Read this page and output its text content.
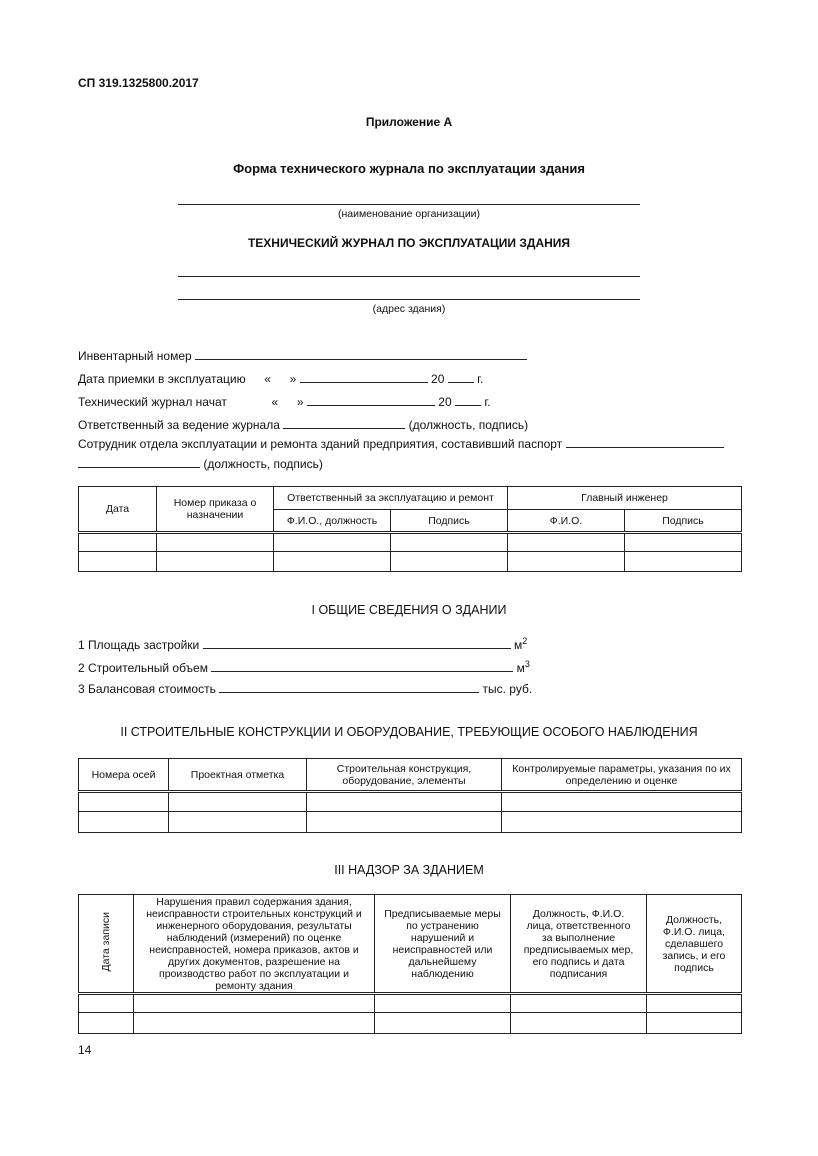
СП 319.1325800.2017
Приложение А
Форма технического журнала по эксплуатации здания
(наименование организации)
ТЕХНИЧЕСКИЙ ЖУРНАЛ ПО ЭКСПЛУАТАЦИИ ЗДАНИЯ
(адрес здания)
Инвентарный номер
Дата приемки в эксплуатацию « »	20	г.
Технический журнал начат	« »	20	г.
Ответственный за ведение журнала	(должность, подпись)
Сотрудник отдела эксплуатации и ремонта зданий предприятия, составивший паспорт
(должность, подпись)
Дата	Номер приказа о назначении	Ответственный за эксплуатацию и ремонт		Главный инженер	
		Ф.И.О., должность	Подпись	Ф.И.О.	Подпись

I ОБЩИЕ СВЕДЕНИЯ О ЗДАНИИ
1 Площадь застройки	$м^2$
2 Строительный объем	$м^3$
3 Балансовая стоимость	тыс. руб.
II СТРОИТЕЛЬНЫЕ КОНСТРУКЦИИ И ОБОРУДОВАНИЕ, ТРЕБУЮЩИЕ ОСОБОГО НАБЛЮДЕНИЯ
Номера осей	Проектная отметка	Строительная конструкция, оборудование, элементы	Контролируемые параметры, указания по их определению и оценке

III НАДЗОР ЗА ЗДАНИЕМ
Дата записи	Нарушения правил содержания здания, неисправности строительных конструкций и инженерного оборудования, результаты наблюдений (измерений) по оценке неисправностей, номера приказов, актов и других документов, разрешение на производство работ по эксплуатации и ремонту здания	Предписываемые меры по устранению нарушений и неисправностей или дальнейшему наблюдению	Должность, Ф.И.О. лица, ответственного за выполнение предписываемых мер, его подпись и дата подписания	Должность, Ф.И.О. лица, сделавшего запись, и его подпись

14
